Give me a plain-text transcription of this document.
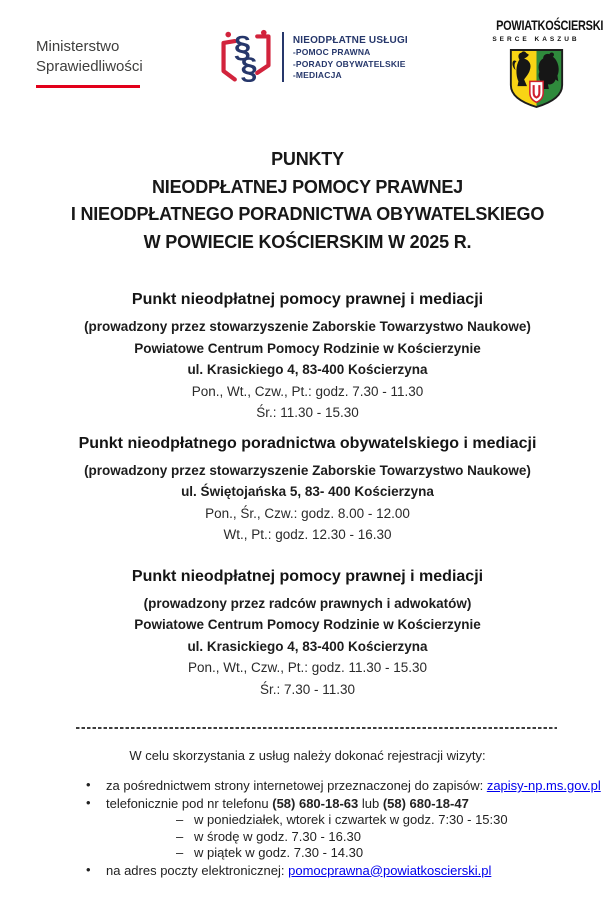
Ministerstwo
Sprawiedliwości
§
§
NIEODPŁATNE USŁUGI
-POMOC PRAWNA
-PORADY OBYWATELSKIE
-MEDIACJA
POWIATKOŚCIERSKI
SERCE KASZUB
PUNKTY
NIEODPŁATNEJ POMOCY PRAWNEJ
I NIEODPŁATNEGO PORADNICTWA OBYWATELSKIEGO
W POWIECIE KOŚCIERSKIM W 2025 R.
Punkt nieodpłatnej pomocy prawnej i mediacji
(prowadzony przez stowarzyszenie Zaborskie Towarzystwo Naukowe)
Powiatowe Centrum Pomocy Rodzinie w Kościerzynie
ul. Krasickiego 4, 83-400 Kościerzyna
Pon., Wt., Czw., Pt.: godz. 7.30 - 11.30
Śr.: 11.30 - 15.30
Punkt nieodpłatnego poradnictwa obywatelskiego i mediacji
(prowadzony przez stowarzyszenie Zaborskie Towarzystwo Naukowe)
ul. Świętojańska 5, 83- 400 Kościerzyna
Pon., Śr., Czw.: godz. 8.00 - 12.00
Wt., Pt.: godz. 12.30 - 16.30
Punkt nieodpłatnej pomocy prawnej i mediacji
(prowadzony przez radców prawnych i adwokatów)
Powiatowe Centrum Pomocy Rodzinie w Kościerzynie
ul. Krasickiego 4, 83-400 Kościerzyna
Pon., Wt., Czw., Pt.: godz. 11.30 - 15.30
Śr.: 7.30 - 11.30
W celu skorzystania z usług należy dokonać rejestracji wizyty:
• za pośrednictwem strony internetowej przeznaczonej do zapisów: zapisy-np.ms.gov.pl
• telefonicznie pod nr telefonu (58) 680-18-63 lub (58) 680-18-47
– w poniedziałek, wtorek i czwartek w godz. 7:30 - 15:30
– w środę w godz. 7.30 - 16.30
– w piątek w godz. 7.30 - 14.30
• na adres poczty elektronicznej: pomocprawna@powiatkoscierski.pl
